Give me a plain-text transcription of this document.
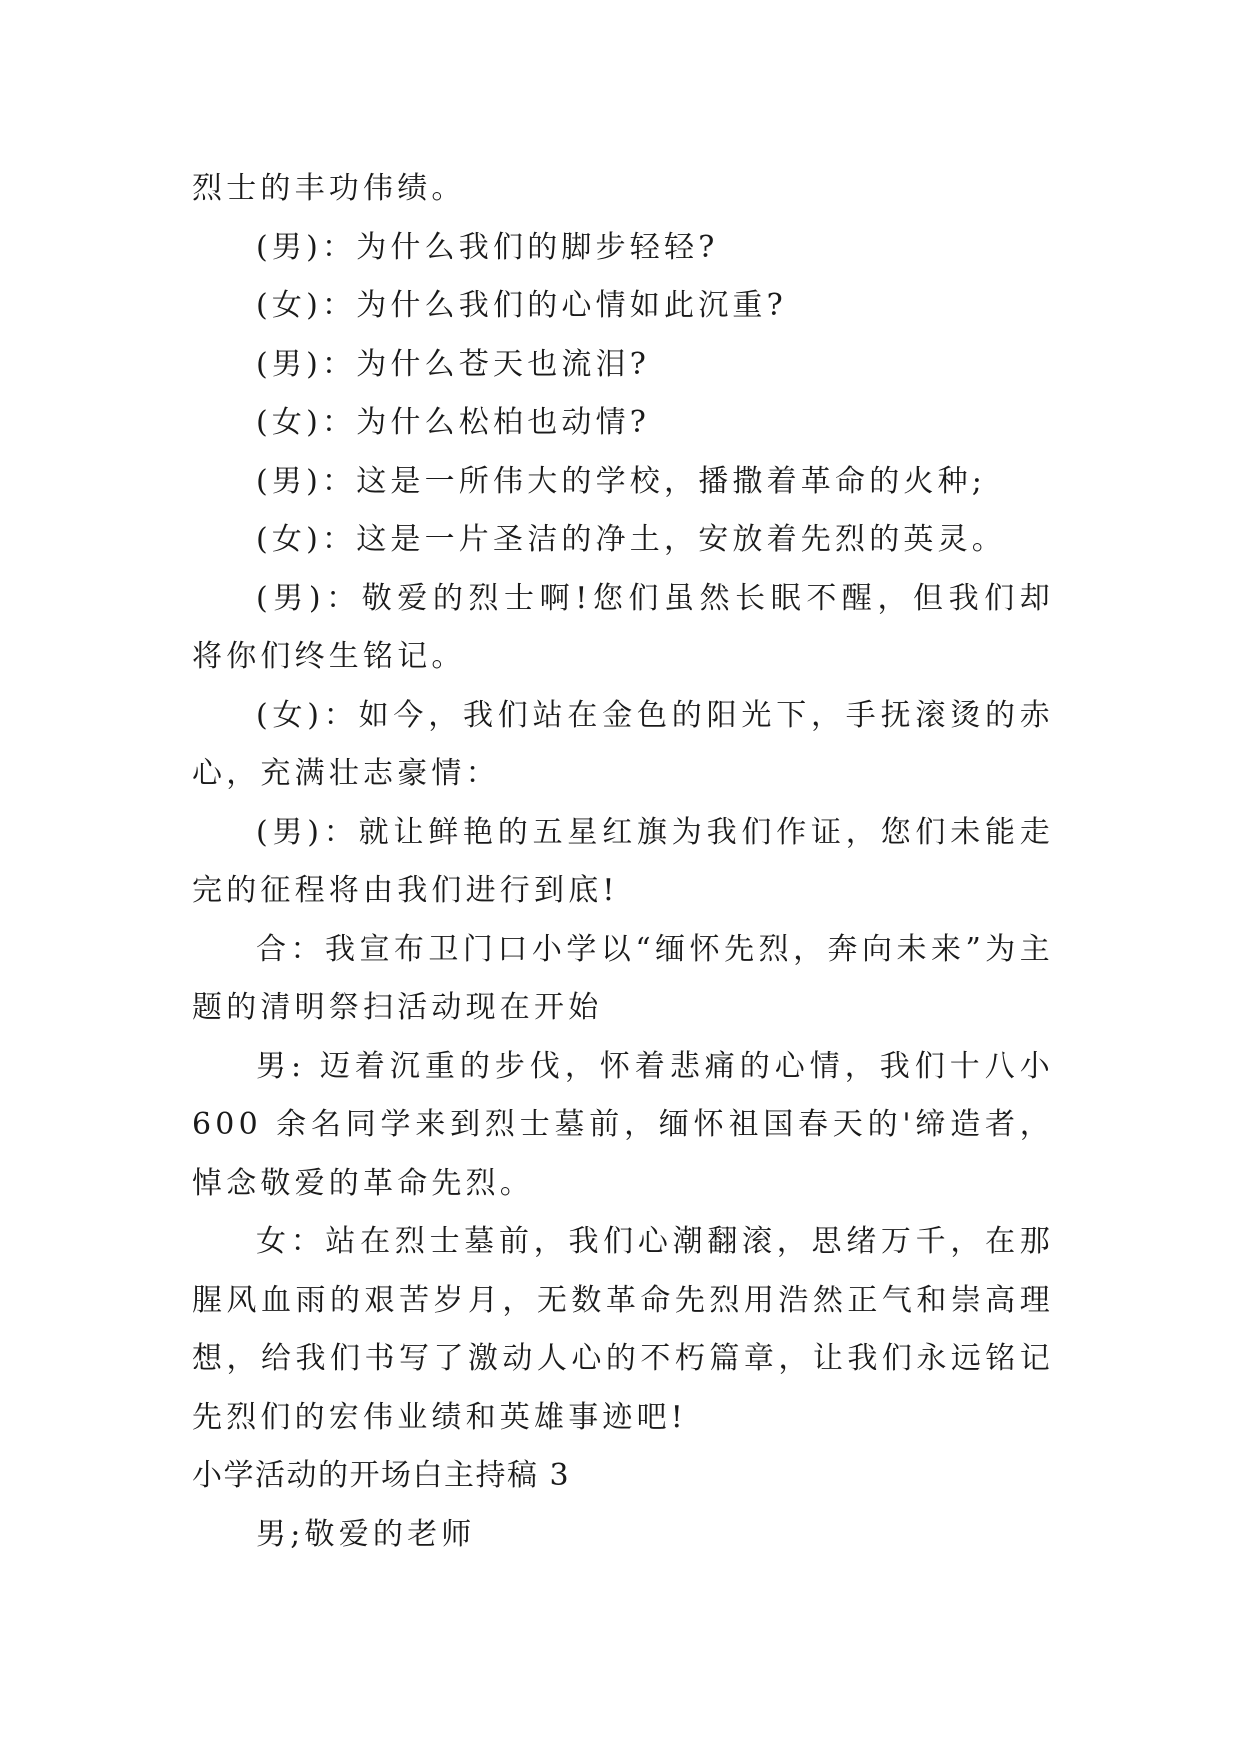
烈士的丰功伟绩。

(男)：为什么我们的脚步轻轻?

(女)：为什么我们的心情如此沉重?

(男)：为什么苍天也流泪?

(女)：为什么松柏也动情?

(男)：这是一所伟大的学校，播撒着革命的火种;

(女)：这是一片圣洁的净土，安放着先烈的英灵。

(男)：敬爱的烈士啊!您们虽然长眠不醒，但我们却将你们终生铭记。

(女)：如今，我们站在金色的阳光下，手抚滚烫的赤心，充满壮志豪情：

(男)：就让鲜艳的五星红旗为我们作证，您们未能走完的征程将由我们进行到底!

合：我宣布卫门口小学以“缅怀先烈，奔向未来”为主题的清明祭扫活动现在开始

男: 迈着沉重的步伐，怀着悲痛的心情，我们十八小 600 余名同学来到烈士墓前，缅怀祖国春天的'缔造者，悼念敬爱的革命先烈。

女：站在烈士墓前，我们心潮翻滚，思绪万千，在那腥风血雨的艰苦岁月，无数革命先烈用浩然正气和崇高理想，给我们书写了激动人心的不朽篇章，让我们永远铭记先烈们的宏伟业绩和英雄事迹吧!

小学活动的开场白主持稿 3

男;敬爱的老师
